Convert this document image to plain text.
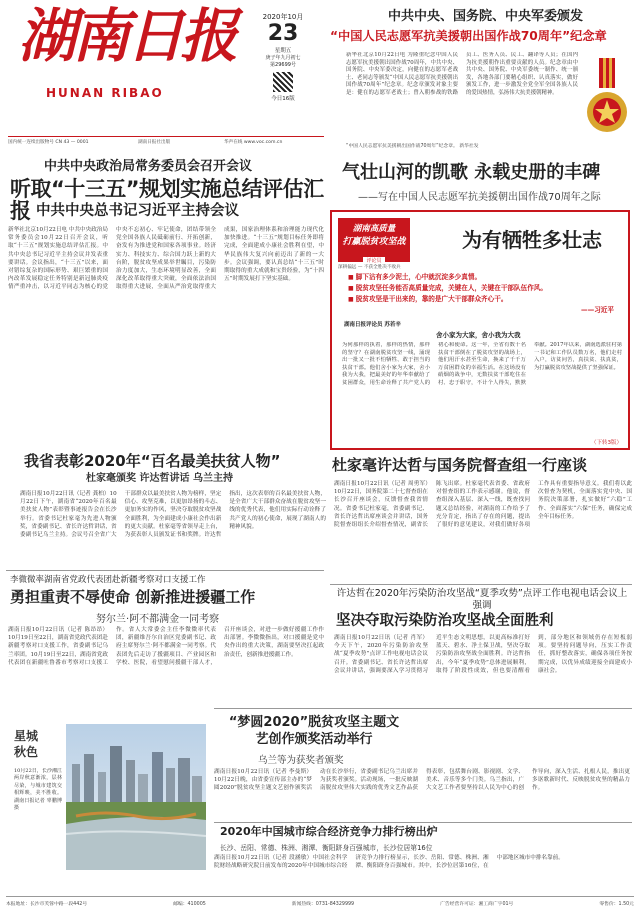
湖南日报
HUNAN RIBAO
2020年10月
23
星期五
庚子年九月初七
第29699号
今日16版
国内统一连续出版物号 CN 43 — 0001	湖南日报社出版	华声在线 www.voc.com.cn
中共中央、国务院、中央军委颁发
“中国人民志愿军抗美援朝出国作战70周年”纪念章
新华社北京10月22日电 为隆重纪念中国人民志愿军抗美援朝出国作战70周年，中共中央、国务院、中央军委决定，向健在的志愿军老战士、老同志等颁发“中国人民志愿军抗美援朝出国作战70周年”纪念章。纪念章颁发对象主要是：健在的志愿军老战士；曾入朝参战的铁路员工、医务人员、民工、翻译等人员；在国内为抗美援朝作出重要贡献的人员。纪念章由中共中央、国务院、中央军委统一制作、统一颁发，各地各部门要精心组织、认真落实，做好颁发工作，进一步激发全党全军全国各族人民的爱国热情，弘扬伟大抗美援朝精神。
“中国人民志愿军抗美援朝出国作战70周年”纪念章。 新华社发
中共中央政治局常务委员会召开会议
听取“十三五”规划实施总结评估汇报 中共中央总书记习近平主持会议
新华社北京10月22日电 中共中央政治局常务委员会10月22日召开会议，听取“十三五”规划实施总结评估汇报。中共中央总书记习近平主持会议并发表重要讲话。会议指出，“十三五”以来，面对错综复杂的国际形势、艰巨繁重的国内改革发展稳定任务特别是新冠肺炎疫情严重冲击，以习近平同志为核心的党中央不忘初心、牢记使命，团结带领全党全国各族人民砥砺前行、开拓创新，奋发有为推进党和国家各项事业。经济实力、科技实力、综合国力跃上新的大台阶，脱贫攻坚成果举世瞩目，污染防治力度加大，生态环境明显改善，全面深化改革取得重大突破，全面依法治国取得重大进展，全面从严治党取得重大成果，国家治理体系和治理能力现代化加快推进。“十三五”规划目标任务即将完成，全面建成小康社会胜利在望，中华民族伟大复兴向前迈出了新的一大步。会议强调，要认真总结“十三五”时期取得的重大成就和宝贵经验，为“十四五”时期发展打下坚实基础。
气壮山河的凯歌 永载史册的丰碑
——写在中国人民志愿军抗美援朝出国作战70周年之际
湖南高质量
打赢脱贫攻坚战
评论员
深耕偏远 — 不获全胜决不收兵
为有牺牲多壮志
■ 脚下沾有多少泥土，心中就沉淀多少真情。
■ 脱贫攻坚任务能否高质量完成，关键在人，关键在干部队伍作风。
■ 脱贫攻坚是干出来的，靠的是广大干部群众齐心干。
——习近平
湖南日报评论员 苏若辛
舍小家为大家，舍小我为大我
为何那样的执着，那样的热情，那样的坚守？在湖南脱贫攻坚一线，涌现出一批又一批不怕牺牲、敢于担当的扶贫干部。他们舍小家为大家，舍小我为大我，把最美好的年华奉献给了贫困群众，用生命诠释了共产党人的初心和使命。这一年，全省有数十名扶贫干部倒在了脱贫攻坚的战场上，他们用汗水甚至生命，换来了千千万万贫困群众的幸福生活。在这场没有硝烟的战争中，无数扶贫干部吃住在村、忠于职守，不计个人得失，默默奉献。2017年以来，湖南选派驻村第一书记和工作队员数万名，他们走村入户，访贫问苦，真扶贫、扶真贫，为打赢脱贫攻坚战提供了坚强保证。
（下转3版）
我省表彰2020年“百名最美扶贫人物”
杜家毫颁奖 许达哲讲话 乌兰主持
湖南日报10月22日讯（记者 龚柏）10月22日下午，湖南省“2020年百名最美扶贫人物”表彰暨事迹报告会在长沙举行。省委书记杜家毫为先进人物颁奖，省委副书记、省长许达哲讲话，省委副书记乌兰主持。会议号召全省广大干部群众以最美扶贫人物为榜样，坚定信心、攻坚克难，以更加昂扬的斗志、更加务实的作风，坚决夺取脱贫攻坚战全面胜利，为全面建成小康社会作出新的更大贡献。杜家毫等省领导走上台，为获表彰人员颁发证书和奖牌。许达哲指出，这次表彰的百名最美扶贫人物，是全省广大干部群众奋战在脱贫攻坚一线的优秀代表，他们用实际行动诠释了共产党人的初心使命，展现了湖南人的精神风貌。
杜家毫许达哲与国务院督查组一行座谈
湖南日报10月22日讯（记者 周勇军）10月22日，国务院第二十七督查组在长沙召开座谈会，反馈督查我省情况。省委书记杜家毫，省委副书记、省长许达哲出席座谈会并讲话，国务院督查组组长介绍督查情况，副省长陈飞出席。杜家毫代表省委、省政府对督查组的工作表示感谢。他说，督查组深入基层、深入一线，既查找问题又总结经验，对湖南的工作给予了充分肯定，指出了存在的问题，提出了很好的意见建议，对我们做好各项工作具有重要指导意义。我们将以此次督查为契机，全面落实党中央、国务院决策部署，扎实做好“六稳”工作、全面落实“六保”任务，确保完成全年目标任务。
李微微率湖南省党政代表团赴新疆考察对口支援工作
勇担重责不辱使命 创新推进援疆工作
努尔兰·阿不都满金一同考察
湖南日报10月22日讯（记者 陈昂昂）10月19日至22日，湖南省党政代表团赴新疆考察对口支援工作，省委副书记乌兰率团。10月19日至22日，湖南省党政代表团在新疆吐鲁番市考察对口支援工作。省人大常委会主任李微微率代表团，新疆维吾尔自治区党委副书记、政府主席努尔兰·阿不都满金一同考察。代表团先后走访了援疆项目、产业园区和学校、医院，看望慰问援疆干部人才，召开座谈会，对进一步做好援疆工作作出部署。李微微指出，对口援疆是党中央作出的重大决策，湖南要坚决扛起政治责任，创新推进援疆工作。
许达哲在2020年污染防治攻坚战“夏季攻势”点评工作电视电话会议上强调
坚决夺取污染防治攻坚战全面胜利
湖南日报10月22日讯（记者 肖军）今天下午，2020年污染防治攻坚战“夏季攻势”点评工作电视电话会议召开。省委副书记、省长许达哲出席会议并讲话，强调要深入学习贯彻习近平生态文明思想，以更高标准打好蓝天、碧水、净土保卫战，坚决夺取污染防治攻坚战全面胜利。许达哲指出，今年“夏季攻势”总体进展顺利，取得了阶段性成效，但也要清醒看到，部分地区和领域仍存在短板弱项。要坚持问题导向，压实工作责任，抓好整改落实，确保各项任务按期完成，以优异成绩迎接全面建成小康社会。
星城
秋色
10月22日，长沙湘江两岸秋意渐浓，层林尽染，与城市建筑交相辉映，美不胜收。 湖南日报记者 辜鹏博 摄
“梦圆2020”脱贫攻坚主题文艺创作颁奖活动举行
乌兰等为获奖者颁奖
湖南日报10月22日讯（记者 李曼斯）10月22日晚，由省委宣传部主办的“梦圆2020”脱贫攻坚主题文艺创作颁奖活动在长沙举行，省委副书记乌兰出席并为获奖者颁奖。活动现场，一批反映湖南脱贫攻坚伟大实践的优秀文艺作品获得表彰，包括舞台剧、影视剧、文学、美术、音乐等多个门类。乌兰指出，广大文艺工作者要坚持以人民为中心的创作导向，深入生活、扎根人民，推出更多讴歌新时代、反映脱贫攻坚的精品力作。
2020年中国城市综合经济竞争力排行榜出炉
长沙、岳阳、常德、株洲、湘潭、衡阳跻身百强城市，长沙位居第16位
湖南日报10月22日讯（记者 段涵敏）中国社会科学院财经战略研究院日前发布的2020年中国城市综合经济竞争力排行榜显示，长沙、岳阳、常德、株洲、湘潭、衡阳跻身百强城市。其中，长沙位居第16位，在中部地区城市中排名靠前。
本报地址：长沙市芙蓉中路一段442号	邮编：410005	新闻热线：0731-84329999	广告经营许可证：湘工商广字01号	零售价：1.50元
